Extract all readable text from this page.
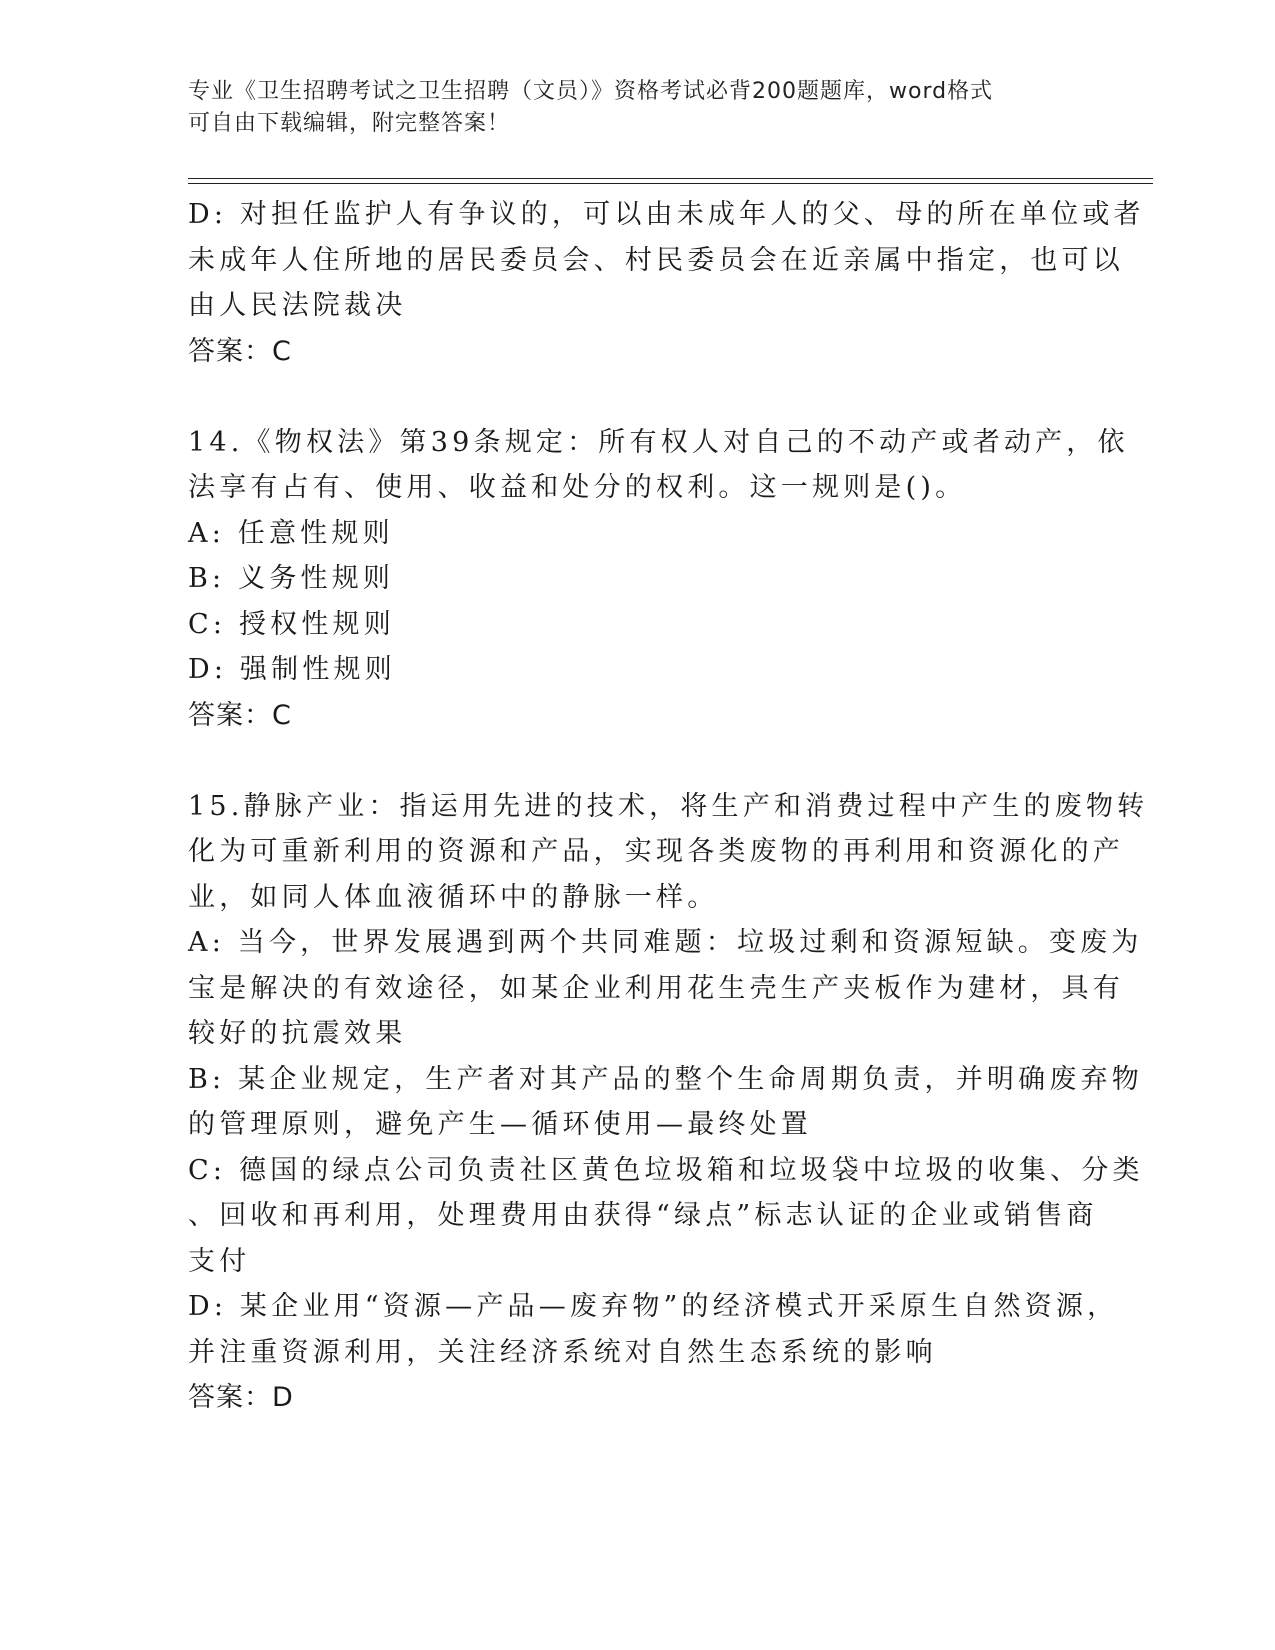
专业《卫生招聘考试之卫生招聘（文员）》资格考试必背200题题库，word格式
可自由下载编辑，附完整答案！
D: 对担任监护人有争议的，可以由未成年人的父、母的所在单位或者
未成年人住所地的居民委员会、村民委员会在近亲属中指定，也可以
由人民法院裁决
答案：C
14.《物权法》第39条规定：所有权人对自己的不动产或者动产，依
法享有占有、使用、收益和处分的权利。这一规则是()。
A: 任意性规则
B: 义务性规则
C: 授权性规则
D: 强制性规则
答案：C
15.静脉产业：指运用先进的技术，将生产和消费过程中产生的废物转
化为可重新利用的资源和产品，实现各类废物的再利用和资源化的产
业，如同人体血液循环中的静脉一样。
A: 当今，世界发展遇到两个共同难题：垃圾过剩和资源短缺。变废为
宝是解决的有效途径，如某企业利用花生壳生产夹板作为建材，具有
较好的抗震效果
B: 某企业规定，生产者对其产品的整个生命周期负责，并明确废弃物
的管理原则，避免产生—循环使用—最终处置
C: 德国的绿点公司负责社区黄色垃圾箱和垃圾袋中垃圾的收集、分类
、回收和再利用，处理费用由获得“绿点”标志认证的企业或销售商
支付
D: 某企业用“资源—产品—废弃物”的经济模式开采原生自然资源，
并注重资源利用，关注经济系统对自然生态系统的影响
答案：D
